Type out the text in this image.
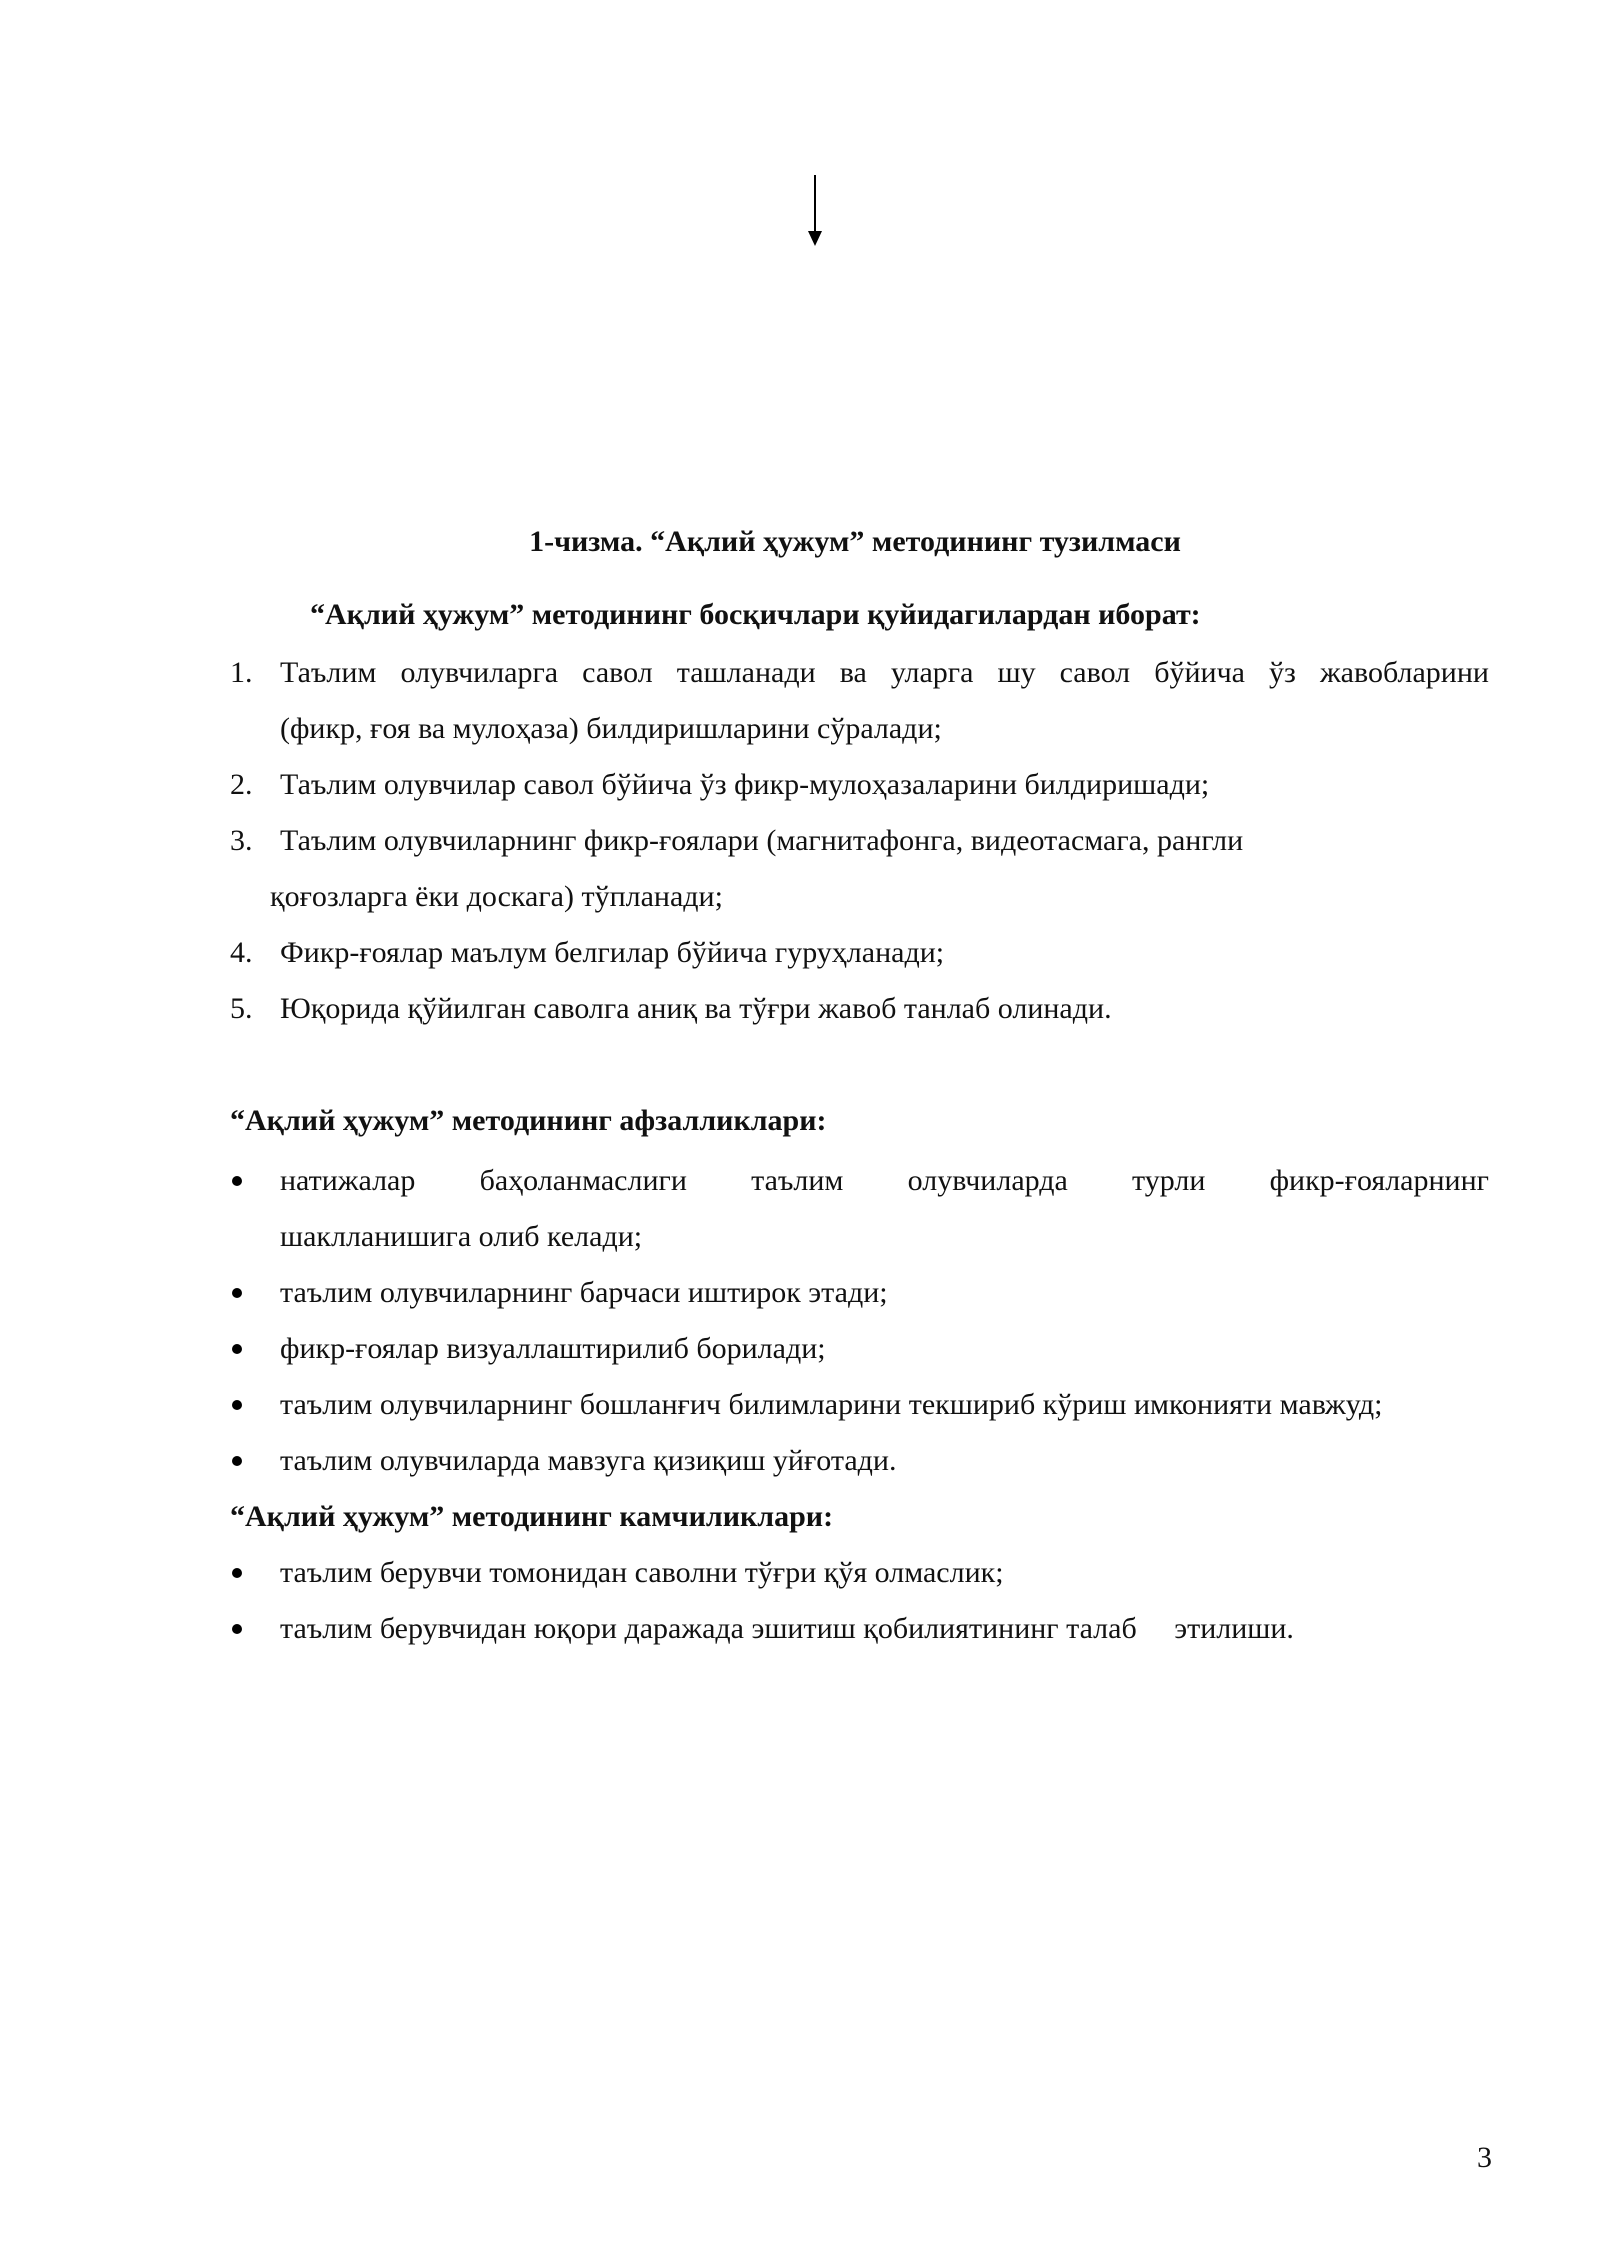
1-чизма. “Ақлий ҳужум” методининг тузилмаси
“Ақлий ҳужум” методининг босқичлари қуйидагилардан иборат:
1. Таълим олувчиларга савол ташланади ва уларга шу савол бўйича ўз жавобларини
(фикр, ғоя ва мулоҳаза) билдиришларини сўралади;
2. Таълим олувчилар савол бўйича ўз фикр-мулоҳазаларини билдиришади;
3. Таълим олувчиларнинг фикр-ғоялари (магнитафонга, видеотасмага, рангли
қоғозларга ёки доскага) тўпланади;
4. Фикр-ғоялар маълум белгилар бўйича гуруҳланади;
5. Юқорида қўйилган саволга аниқ ва тўғри жавоб танлаб олинади.
“Ақлий ҳужум” методининг афзалликлари:
натижалар баҳоланмаслиги таълим олувчиларда турли фикр-ғояларнинг
шаклланишига олиб келади;
таълим олувчиларнинг барчаси иштирок этади;
фикр-ғоялар визуаллаштирилиб борилади;
таълим олувчиларнинг бошланғич билимларини текшириб кўриш имконияти мавжуд;
таълим олувчиларда мавзуга қизиқиш уйғотади.
“Ақлий ҳужум” методининг камчиликлари:
таълим берувчи томонидан саволни тўғри қўя олмаслик;
таълим берувчидан юқори даражада эшитиш қобилиятининг талаб     этилиши.
3
